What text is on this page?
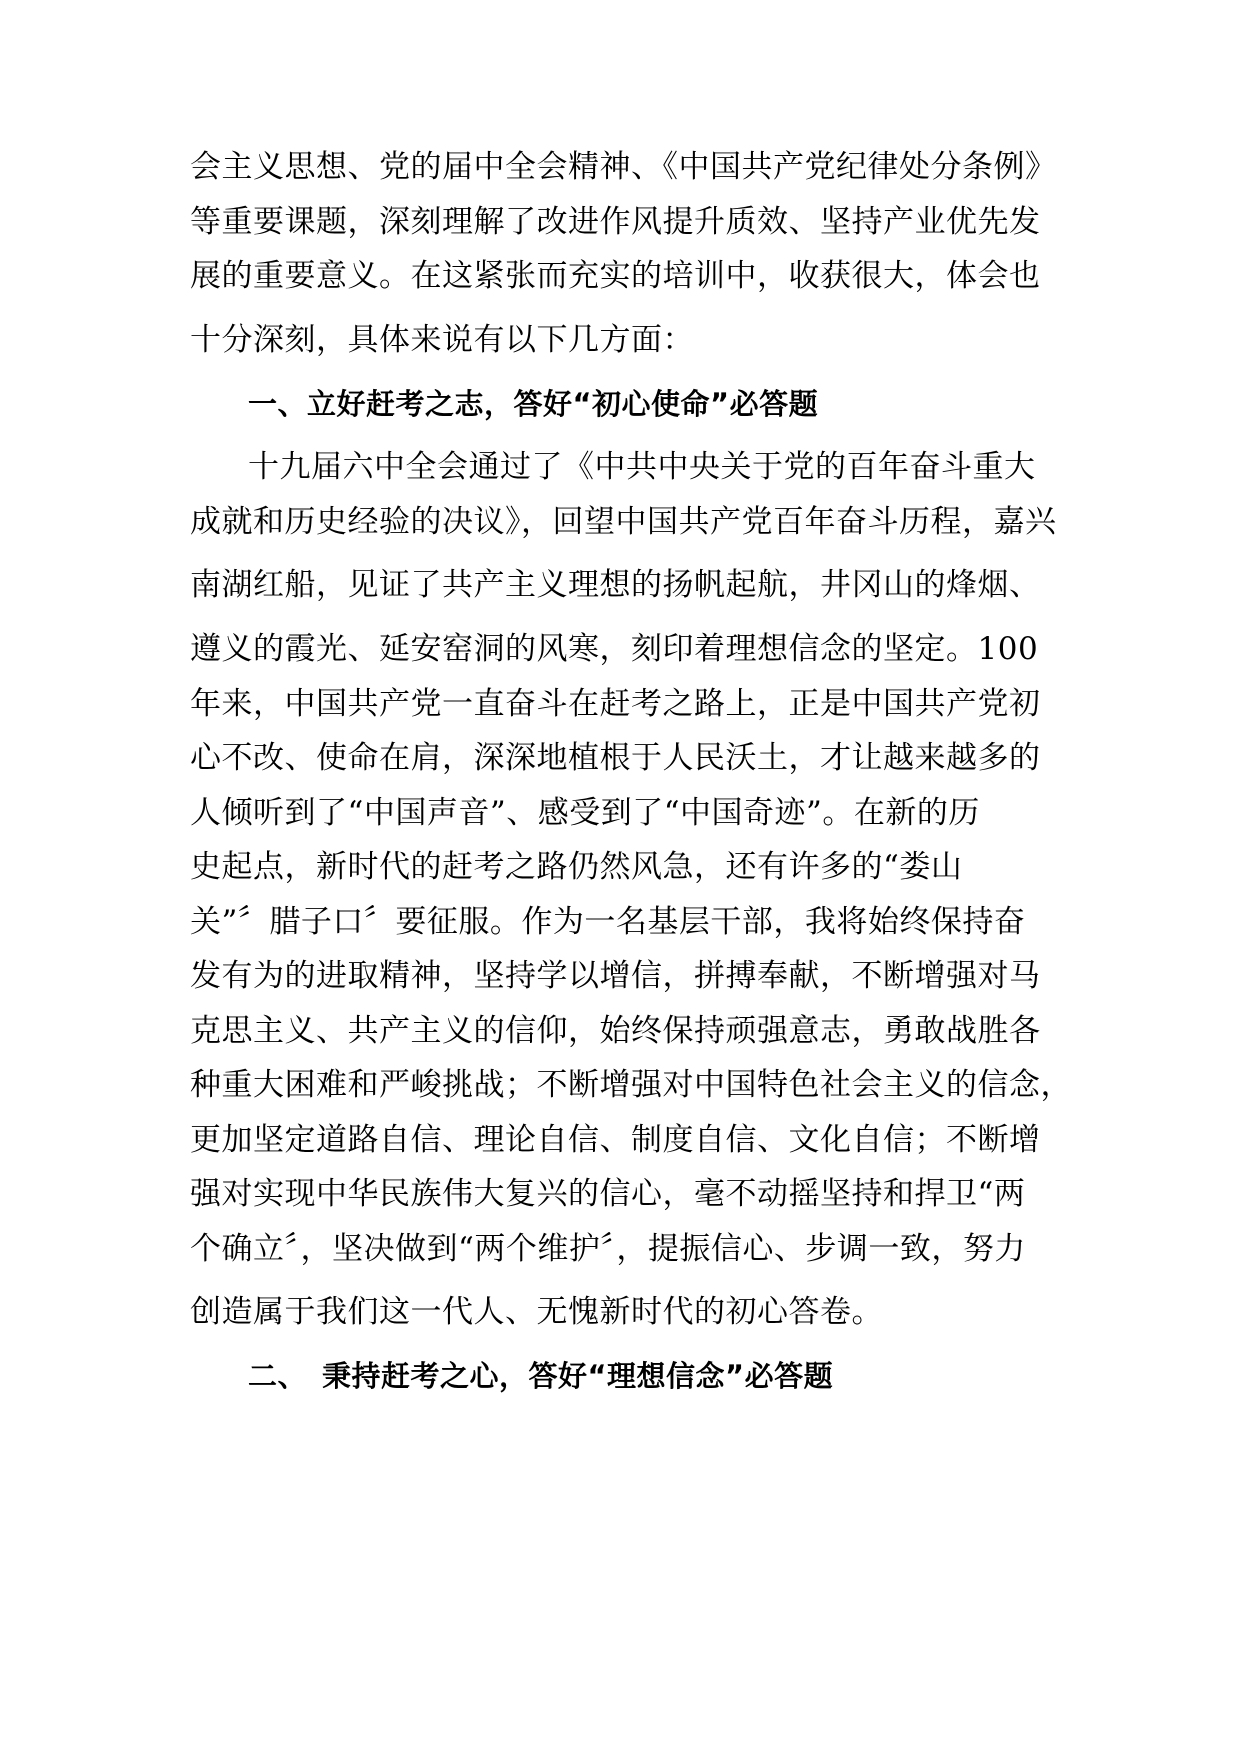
会主义思想、党的届中全会精神、《中国共产党纪律处分条例》
等重要课题，深刻理解了改进作风提升质效、坚持产业优先发
展的重要意义。在这紧张而充实的培训中，收获很大，体会也
十分深刻，具体来说有以下几方面：
一、立好赶考之志，答好“初心使命”必答题
十九届六中全会通过了《中共中央关于党的百年奋斗重大
成就和历史经验的决议》，回望中国共产党百年奋斗历程，嘉兴
南湖红船，见证了共产主义理想的扬帆起航，井冈山的烽烟、
遵义的霞光、延安窑洞的风寒，刻印着理想信念的坚定。100
年来，中国共产党一直奋斗在赶考之路上，正是中国共产党初
心不改、使命在肩，深深地植根于人民沃土，才让越来越多的
人倾听到了“中国声音”、感受到了“中国奇迹”。在新的历
史起点，新时代的赶考之路仍然风急，还有许多的“娄山
关”〞腊子口〞要征服。作为一名基层干部，我将始终保持奋
发有为的进取精神，坚持学以增信，拼搏奉献，不断增强对马
克思主义、共产主义的信仰，始终保持顽强意志，勇敢战胜各
种重大困难和严峻挑战；不断增强对中国特色社会主义的信念，
更加坚定道路自信、理论自信、制度自信、文化自信；不断增
强对实现中华民族伟大复兴的信心，毫不动摇坚持和捍卫“两
个确立〞，坚决做到“两个维护〞，提振信心、步调一致，努力
创造属于我们这一代人、无愧新时代的初心答卷。
二、　秉持赶考之心，答好“理想信念”必答题
